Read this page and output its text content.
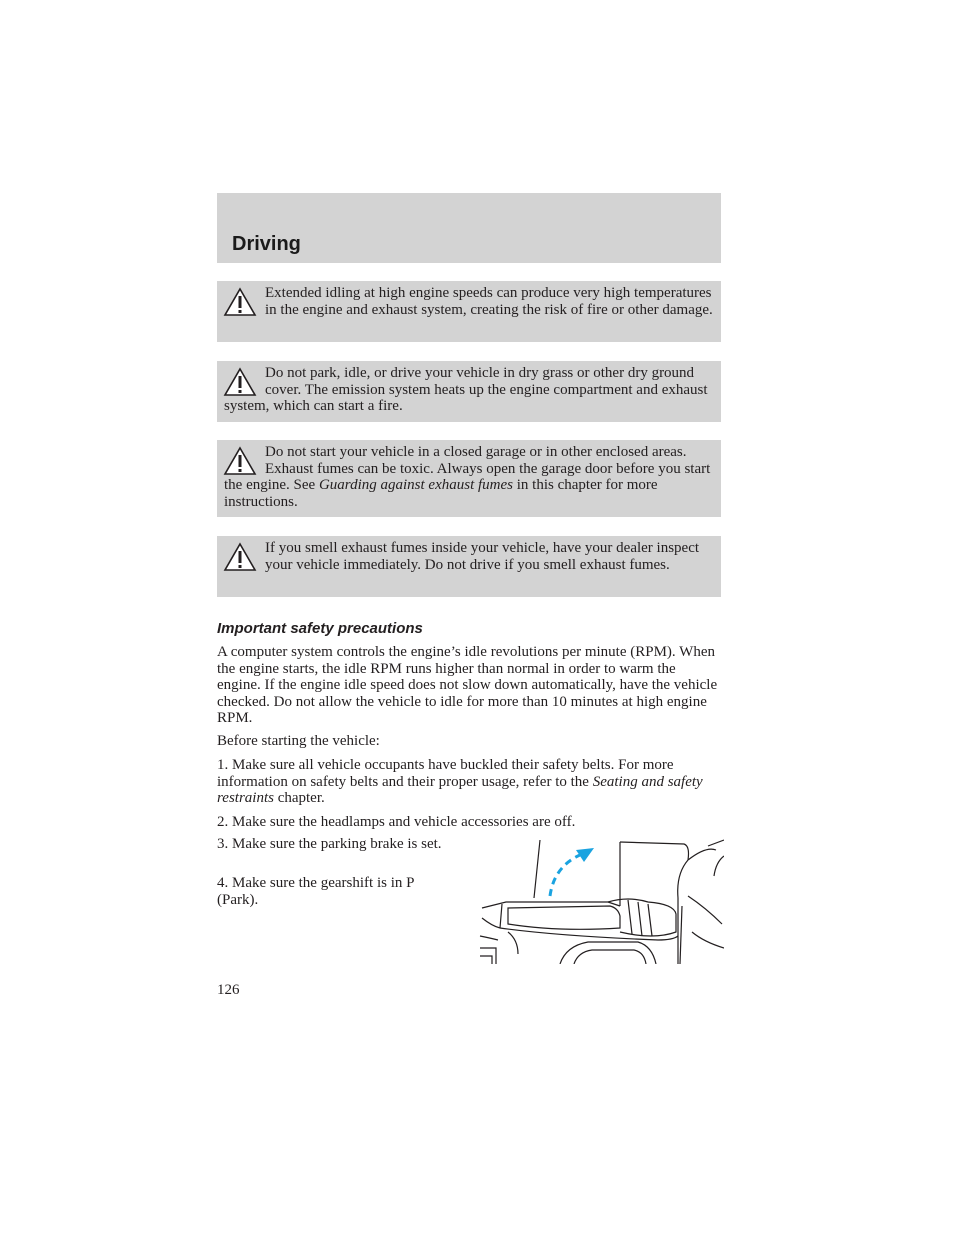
Driving

Extended idling at high engine speeds can produce very high temperatures in the engine and exhaust system, creating the risk of fire or other damage.

Do not park, idle, or drive your vehicle in dry grass or other dry ground cover. The emission system heats up the engine compartment and exhaust system, which can start a fire.

Do not start your vehicle in a closed garage or in other enclosed areas. Exhaust fumes can be toxic. Always open the garage door before you start the engine. See Guarding against exhaust fumes in this chapter for more instructions.

If you smell exhaust fumes inside your vehicle, have your dealer inspect your vehicle immediately. Do not drive if you smell exhaust fumes.

Important safety precautions

A computer system controls the engine’s idle revolutions per minute (RPM). When the engine starts, the idle RPM runs higher than normal in order to warm the engine. If the engine idle speed does not slow down automatically, have the vehicle checked. Do not allow the vehicle to idle for more than 10 minutes at high engine RPM.

Before starting the vehicle:

1. Make sure all vehicle occupants have buckled their safety belts. For more information on safety belts and their proper usage, refer to the Seating and safety restraints chapter.

2. Make sure the headlamps and vehicle accessories are off.

3. Make sure the parking brake is set.

4. Make sure the gearshift is in P (Park).

126
